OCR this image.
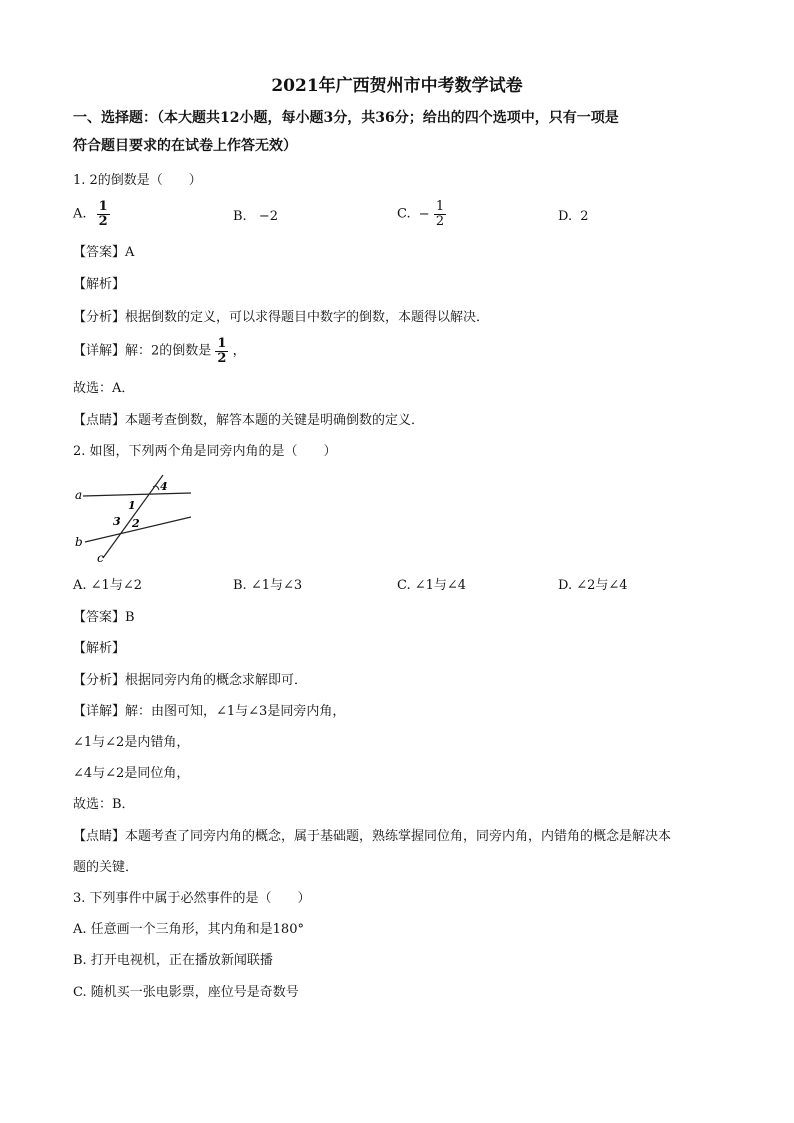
2021年广西贺州市中考数学试卷
一、选择题：（本大题共12小题，每小题3分，共36分；给出的四个选项中，只有一项是
符合题目要求的在试卷上作答无效）
1. 2的倒数是（　　）
A. $\frac{1}{2}$	B. −2	C. − $\frac{1}{2}$	D. 2
【答案】A
【解析】
【分析】根据倒数的定义，可以求得题目中数字的倒数，本题得以解决．
【详解】解：2的倒数是 $\frac{1}{2}$ ，
故选：A．
【点睛】本题考查倒数，解答本题的关键是明确倒数的定义．
2. 如图，下列两个角是同旁内角的是（　　）
a
b
c
4
1
3 2
A. ∠1与∠2	B. ∠1与∠3	C. ∠1与∠4	D. ∠2与∠4
【答案】B
【解析】
【分析】根据同旁内角的概念求解即可．
【详解】解：由图可知，∠1与∠3是同旁内角，
∠1与∠2是内错角，
∠4与∠2是同位角，
故选：B．
【点睛】本题考查了同旁内角的概念，属于基础题，熟练掌握同位角，同旁内角，内错角的概念是解决本
题的关键．
3. 下列事件中属于必然事件的是（　　）
A. 任意画一个三角形，其内角和是180°
B. 打开电视机，正在播放新闻联播
C. 随机买一张电影票，座位号是奇数号
